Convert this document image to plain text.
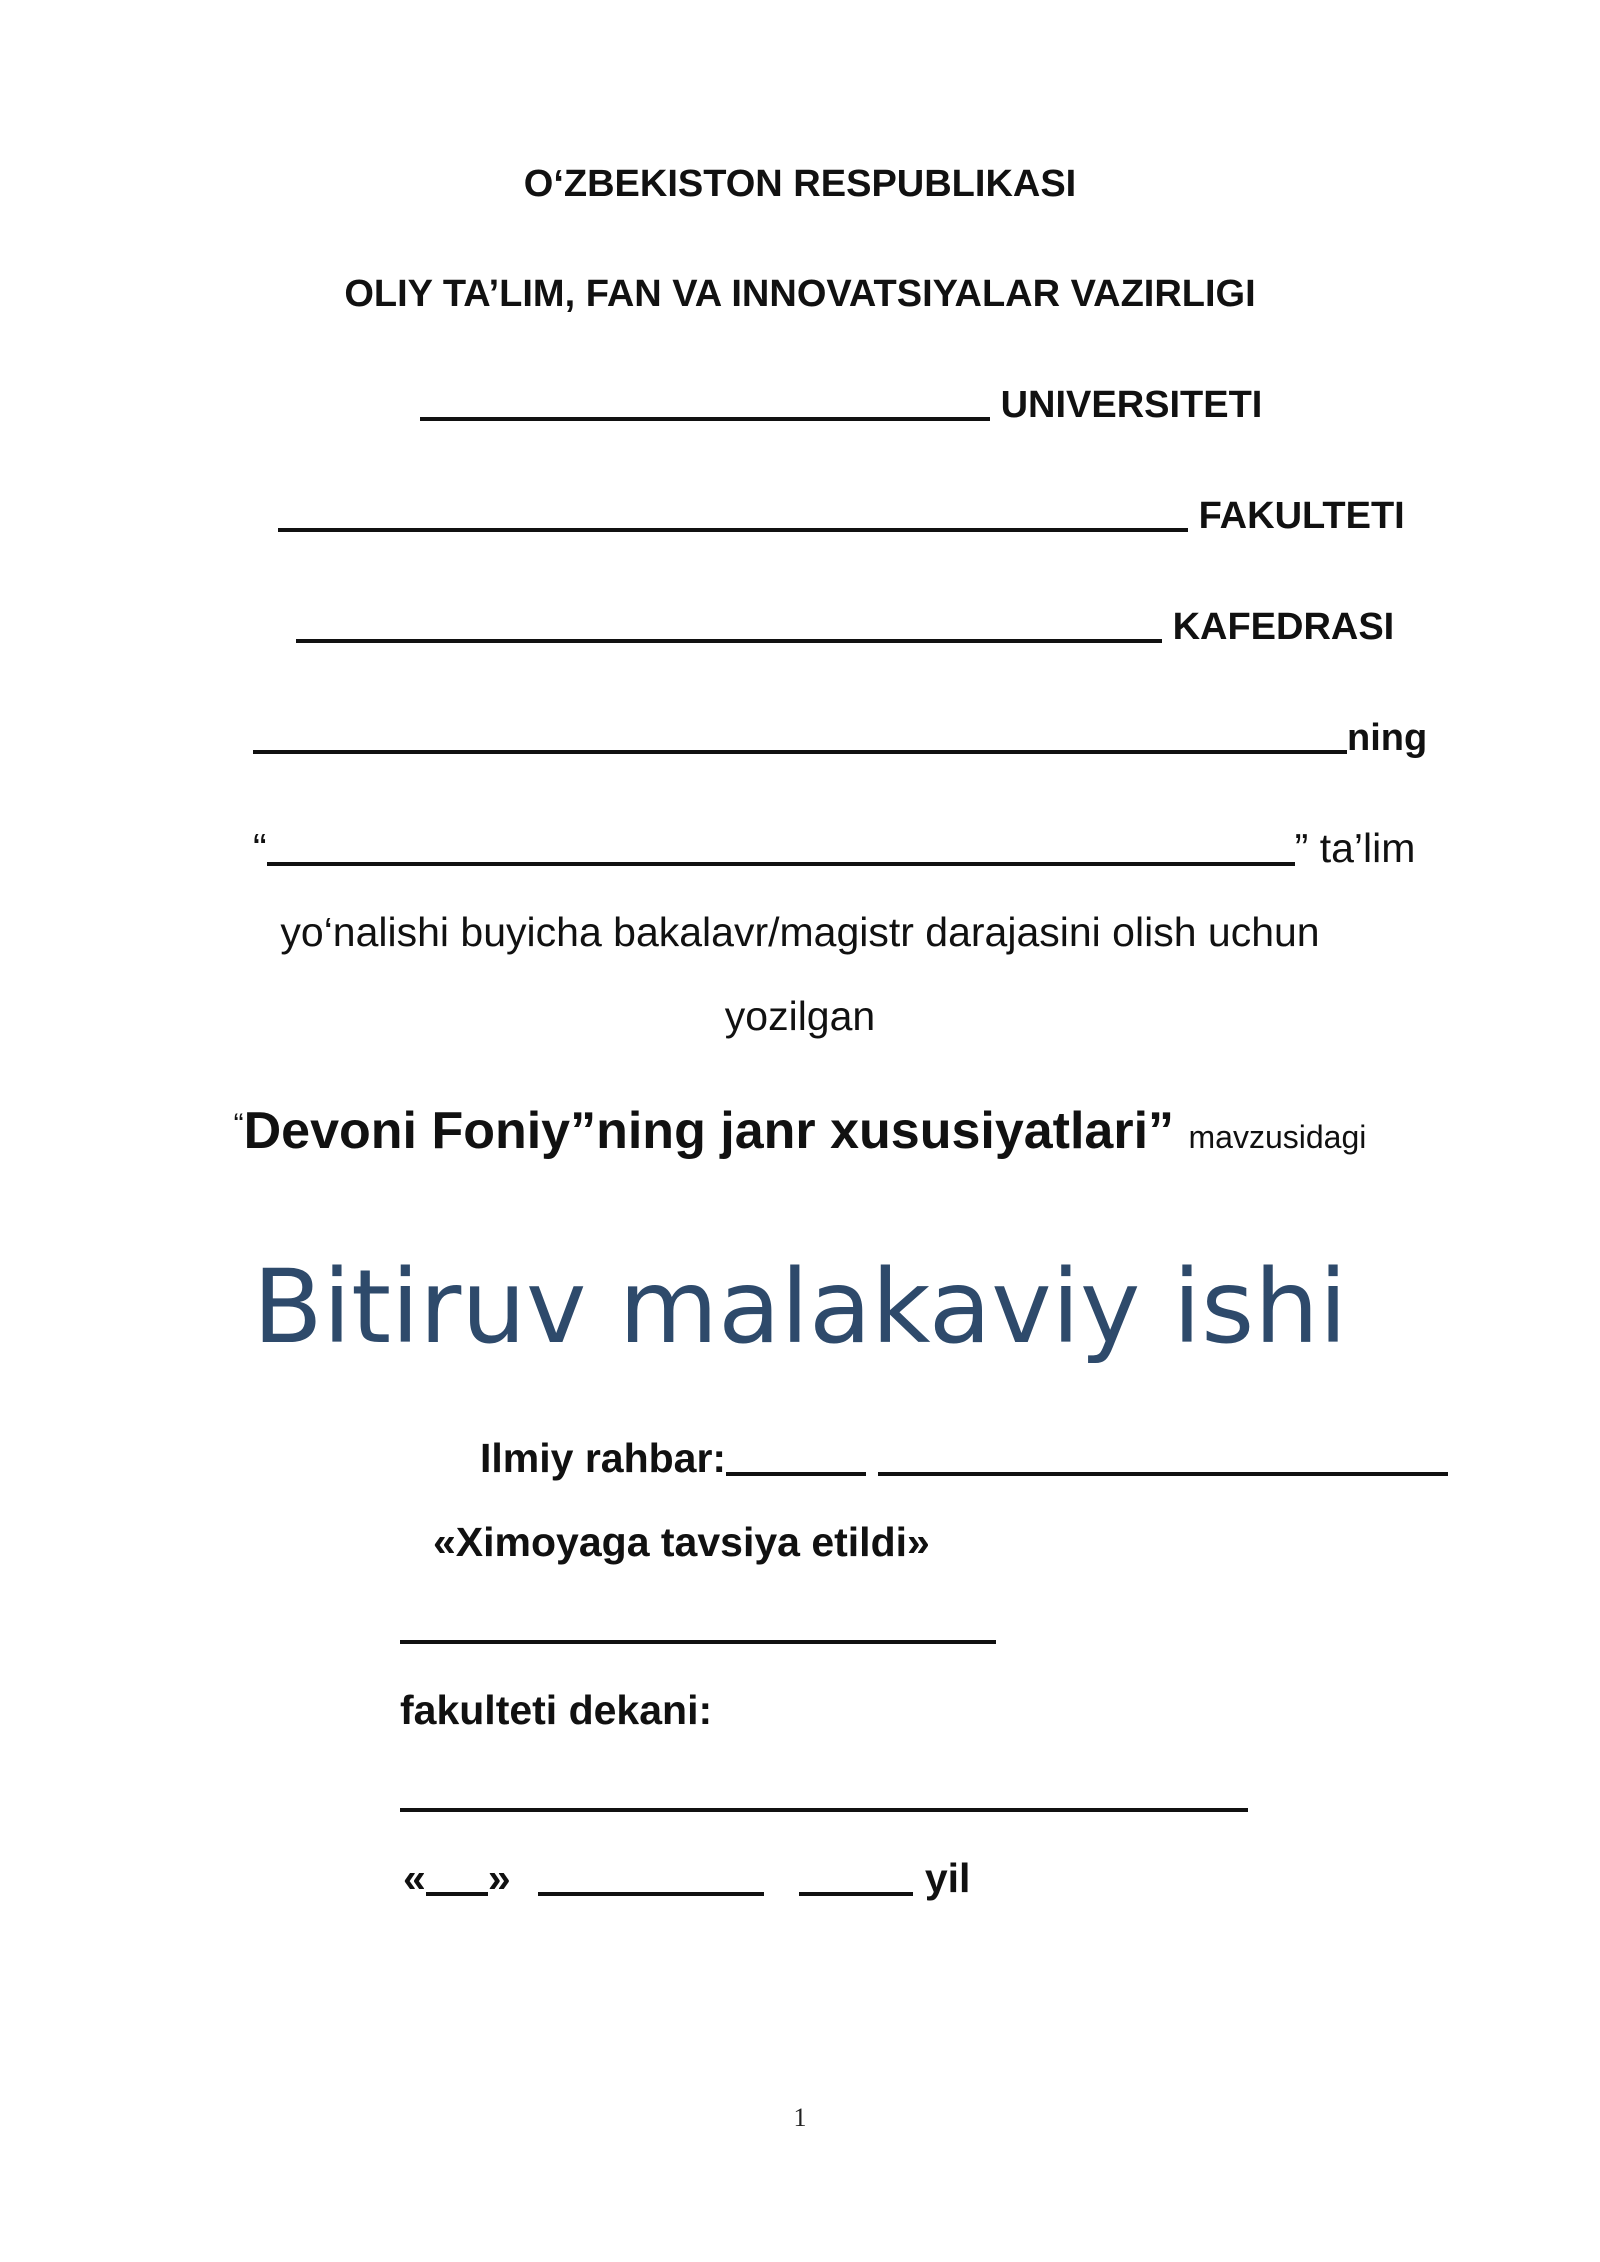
O‘ZBEKISTON RESPUBLIKASI
OLIY TA’LIM, FAN VA INNOVATSIYALAR VAZIRLIGI
UNIVERSITETI
FAKULTETI
KAFEDRASI
ning
“	” ta’lim
yo‘nalishi buyicha bakalavr/magistr darajasini olish uchun
yozilgan
“Devoni Foniy”ning janr xususiyatlari” mavzusidagi
Bitiruv malakaviy ishi
Ilmiy rahbar:
«Ximoyaga tavsiya etildi»
fakulteti dekani:
« »	yil
1
